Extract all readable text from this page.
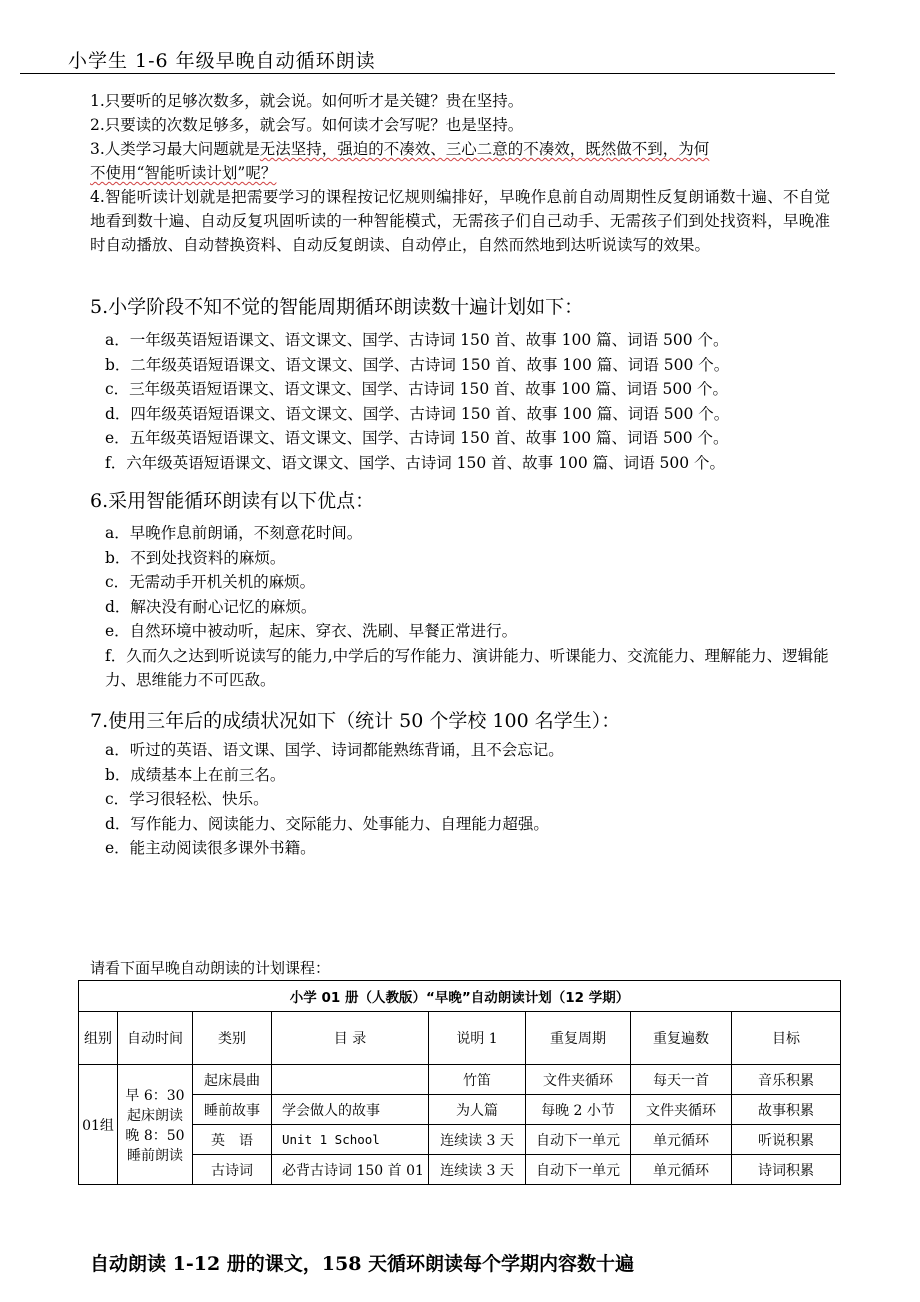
小学生 1-6 年级早晚自动循环朗读
1.只要听的足够次数多，就会说。如何听才是关键？贵在坚持。
2.只要读的次数足够多，就会写。如何读才会写呢？也是坚持。
3.人类学习最大问题就是无法坚持，强迫的不凑效、三心二意的不凑效，既然做不到，为何
不使用“智能听读计划”呢？
4.智能听读计划就是把需要学习的课程按记忆规则编排好，早晚作息前自动周期性反复朗诵数十遍、不自觉地看到数十遍、自动反复巩固听读的一种智能模式，无需孩子们自己动手、无需孩子们到处找资料，早晚准时自动播放、自动替换资料、自动反复朗读、自动停止，自然而然地到达听说读写的效果。
5.小学阶段不知不觉的智能周期循环朗读数十遍计划如下：
a．一年级英语短语课文、语文课文、国学、古诗词 150 首、故事 100 篇、词语 500 个。
b．二年级英语短语课文、语文课文、国学、古诗词 150 首、故事 100 篇、词语 500 个。
c．三年级英语短语课文、语文课文、国学、古诗词 150 首、故事 100 篇、词语 500 个。
d．四年级英语短语课文、语文课文、国学、古诗词 150 首、故事 100 篇、词语 500 个。
e．五年级英语短语课文、语文课文、国学、古诗词 150 首、故事 100 篇、词语 500 个。
f．六年级英语短语课文、语文课文、国学、古诗词 150 首、故事 100 篇、词语 500 个。
6.采用智能循环朗读有以下优点：
a．早晚作息前朗诵，不刻意花时间。
b．不到处找资料的麻烦。
c．无需动手开机关机的麻烦。
d．解决没有耐心记忆的麻烦。
e．自然环境中被动听，起床、穿衣、洗刷、早餐正常进行。
f．久而久之达到听说读写的能力,中学后的写作能力、演讲能力、听课能力、交流能力、理解能力、逻辑能力、思维能力不可匹敌。
7.使用三年后的成绩状况如下（统计 50 个学校 100 名学生）：
a．听过的英语、语文课、国学、诗词都能熟练背诵，且不会忘记。
b．成绩基本上在前三名。
c．学习很轻松、快乐。
d．写作能力、阅读能力、交际能力、处事能力、自理能力超强。
e．能主动阅读很多课外书籍。
请看下面早晚自动朗读的计划课程：
小学 01 册（人教版）“早晚”自动朗读计划（12 学期）							
组别	自动时间	类别	目 录	说明 1	重复周期	重复遍数	目标
01组	早 6：30 起床朗读 晚 8：50 睡前朗读	起床晨曲		竹笛	文件夹循环	每天一首	音乐积累
		睡前故事	学会做人的故事	为人篇	每晚 2 小节	文件夹循环	故事积累
		英　语	Unit 1 School	连续读 3 天	自动下一单元	单元循环	听说积累
		古诗词	必背古诗词 150 首 01	连续读 3 天	自动下一单元	单元循环	诗词积累
自动朗读 1-12 册的课文，158 天循环朗读每个学期内容数十遍
